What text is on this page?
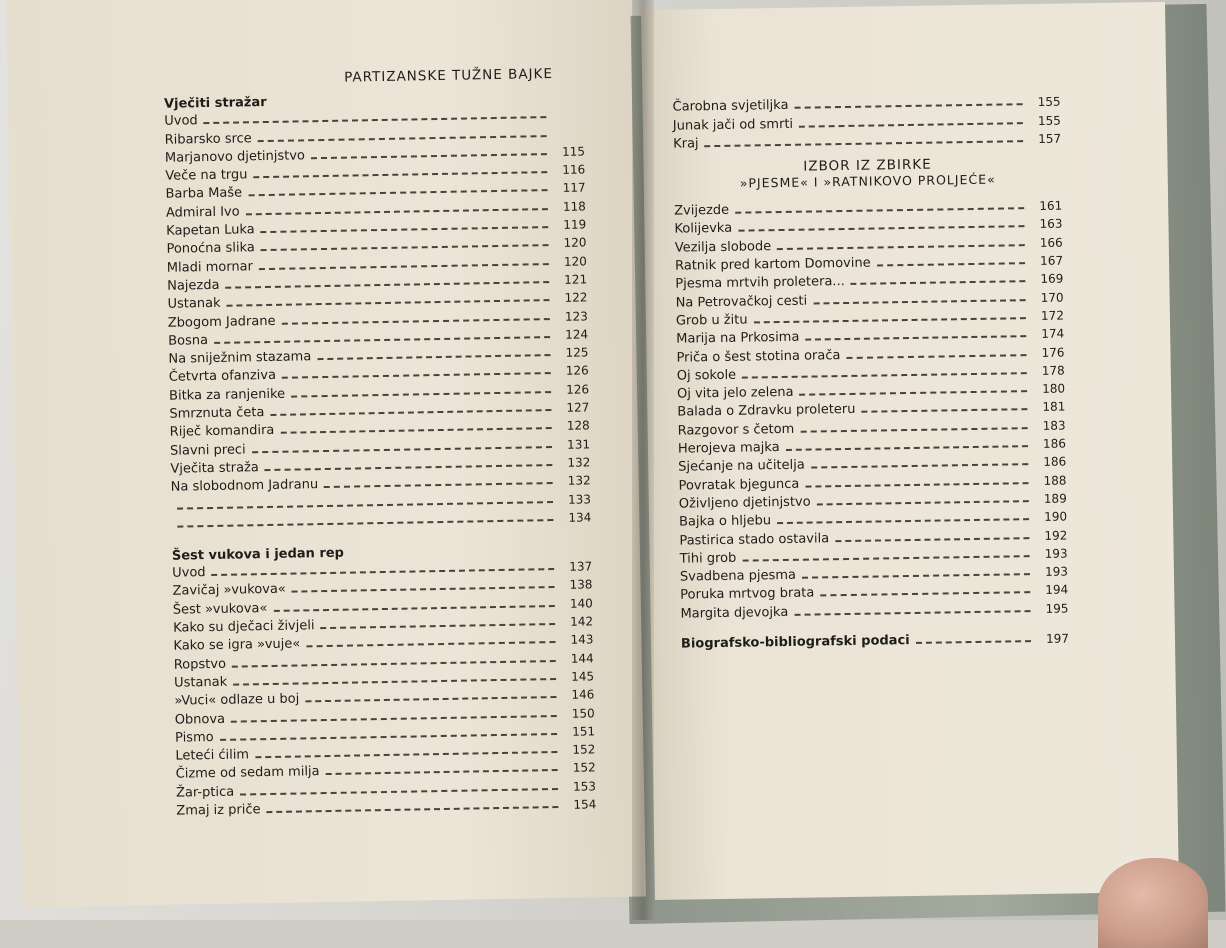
PARTIZANSKE TUŽNE BAJKE

Vječiti stražar

Uvod
Ribarsko srce
Marjanovo djetinjstvo	115
Veče na trgu	116
Barba Maše	117
Admiral Ivo	118
Kapetan Luka	119
Ponoćna slika	120
Mladi mornar	120
Najezda	121
Ustanak	122
Zbogom Jadrane	123
Bosna	124
Na sniježnim stazama	125
Četvrta ofanziva	126
Bitka za ranjenike	126
Smrznuta četa	127
Riječ komandira	128
Slavni preci	131
Vječita straža	132
Na slobodnom Jadranu	132
133
134

Šest vukova i jedan rep

Uvod	137
Zavičaj »vukova«	138
Šest »vukova«	140
Kako su dječaci živjeli	142
Kako se igra »vuje«	143
Ropstvo	144
Ustanak	145
»Vuci« odlaze u boj	146
Obnova	150
Pismo	151
Leteći ćilim	152
Čizme od sedam milja	152
Žar-ptica	153
Zmaj iz priče	154
Čarobna svjetiljka	155
Junak jači od smrti	155
Kraj	157

IZBOR IZ ZBIRKE

»PJESME« I »RATNIKOVO PROLJEĆE«

Zvijezde	161
Kolijevka	163
Vezilja slobode	166
Ratnik pred kartom Domovine	167
Pjesma mrtvih proletera...	169
Na Petrovačkoj cesti	170
Grob u žitu	172
Marija na Prkosima	174
Priča o šest stotina orača	176
Oj sokole	178
Oj vita jelo zelena	180
Balada o Zdravku proleteru	181
Razgovor s četom	183
Herojeva majka	186
Sjećanje na učitelja	186
Povratak bjegunca	188
Oživljeno djetinjstvo	189
Bajka o hljebu	190
Pastirica stado ostavila	192
Tihi grob	193
Svadbena pjesma	193
Poruka mrtvog brata	194
Margita djevojka	195
Biografsko-bibliografski podaci	197
